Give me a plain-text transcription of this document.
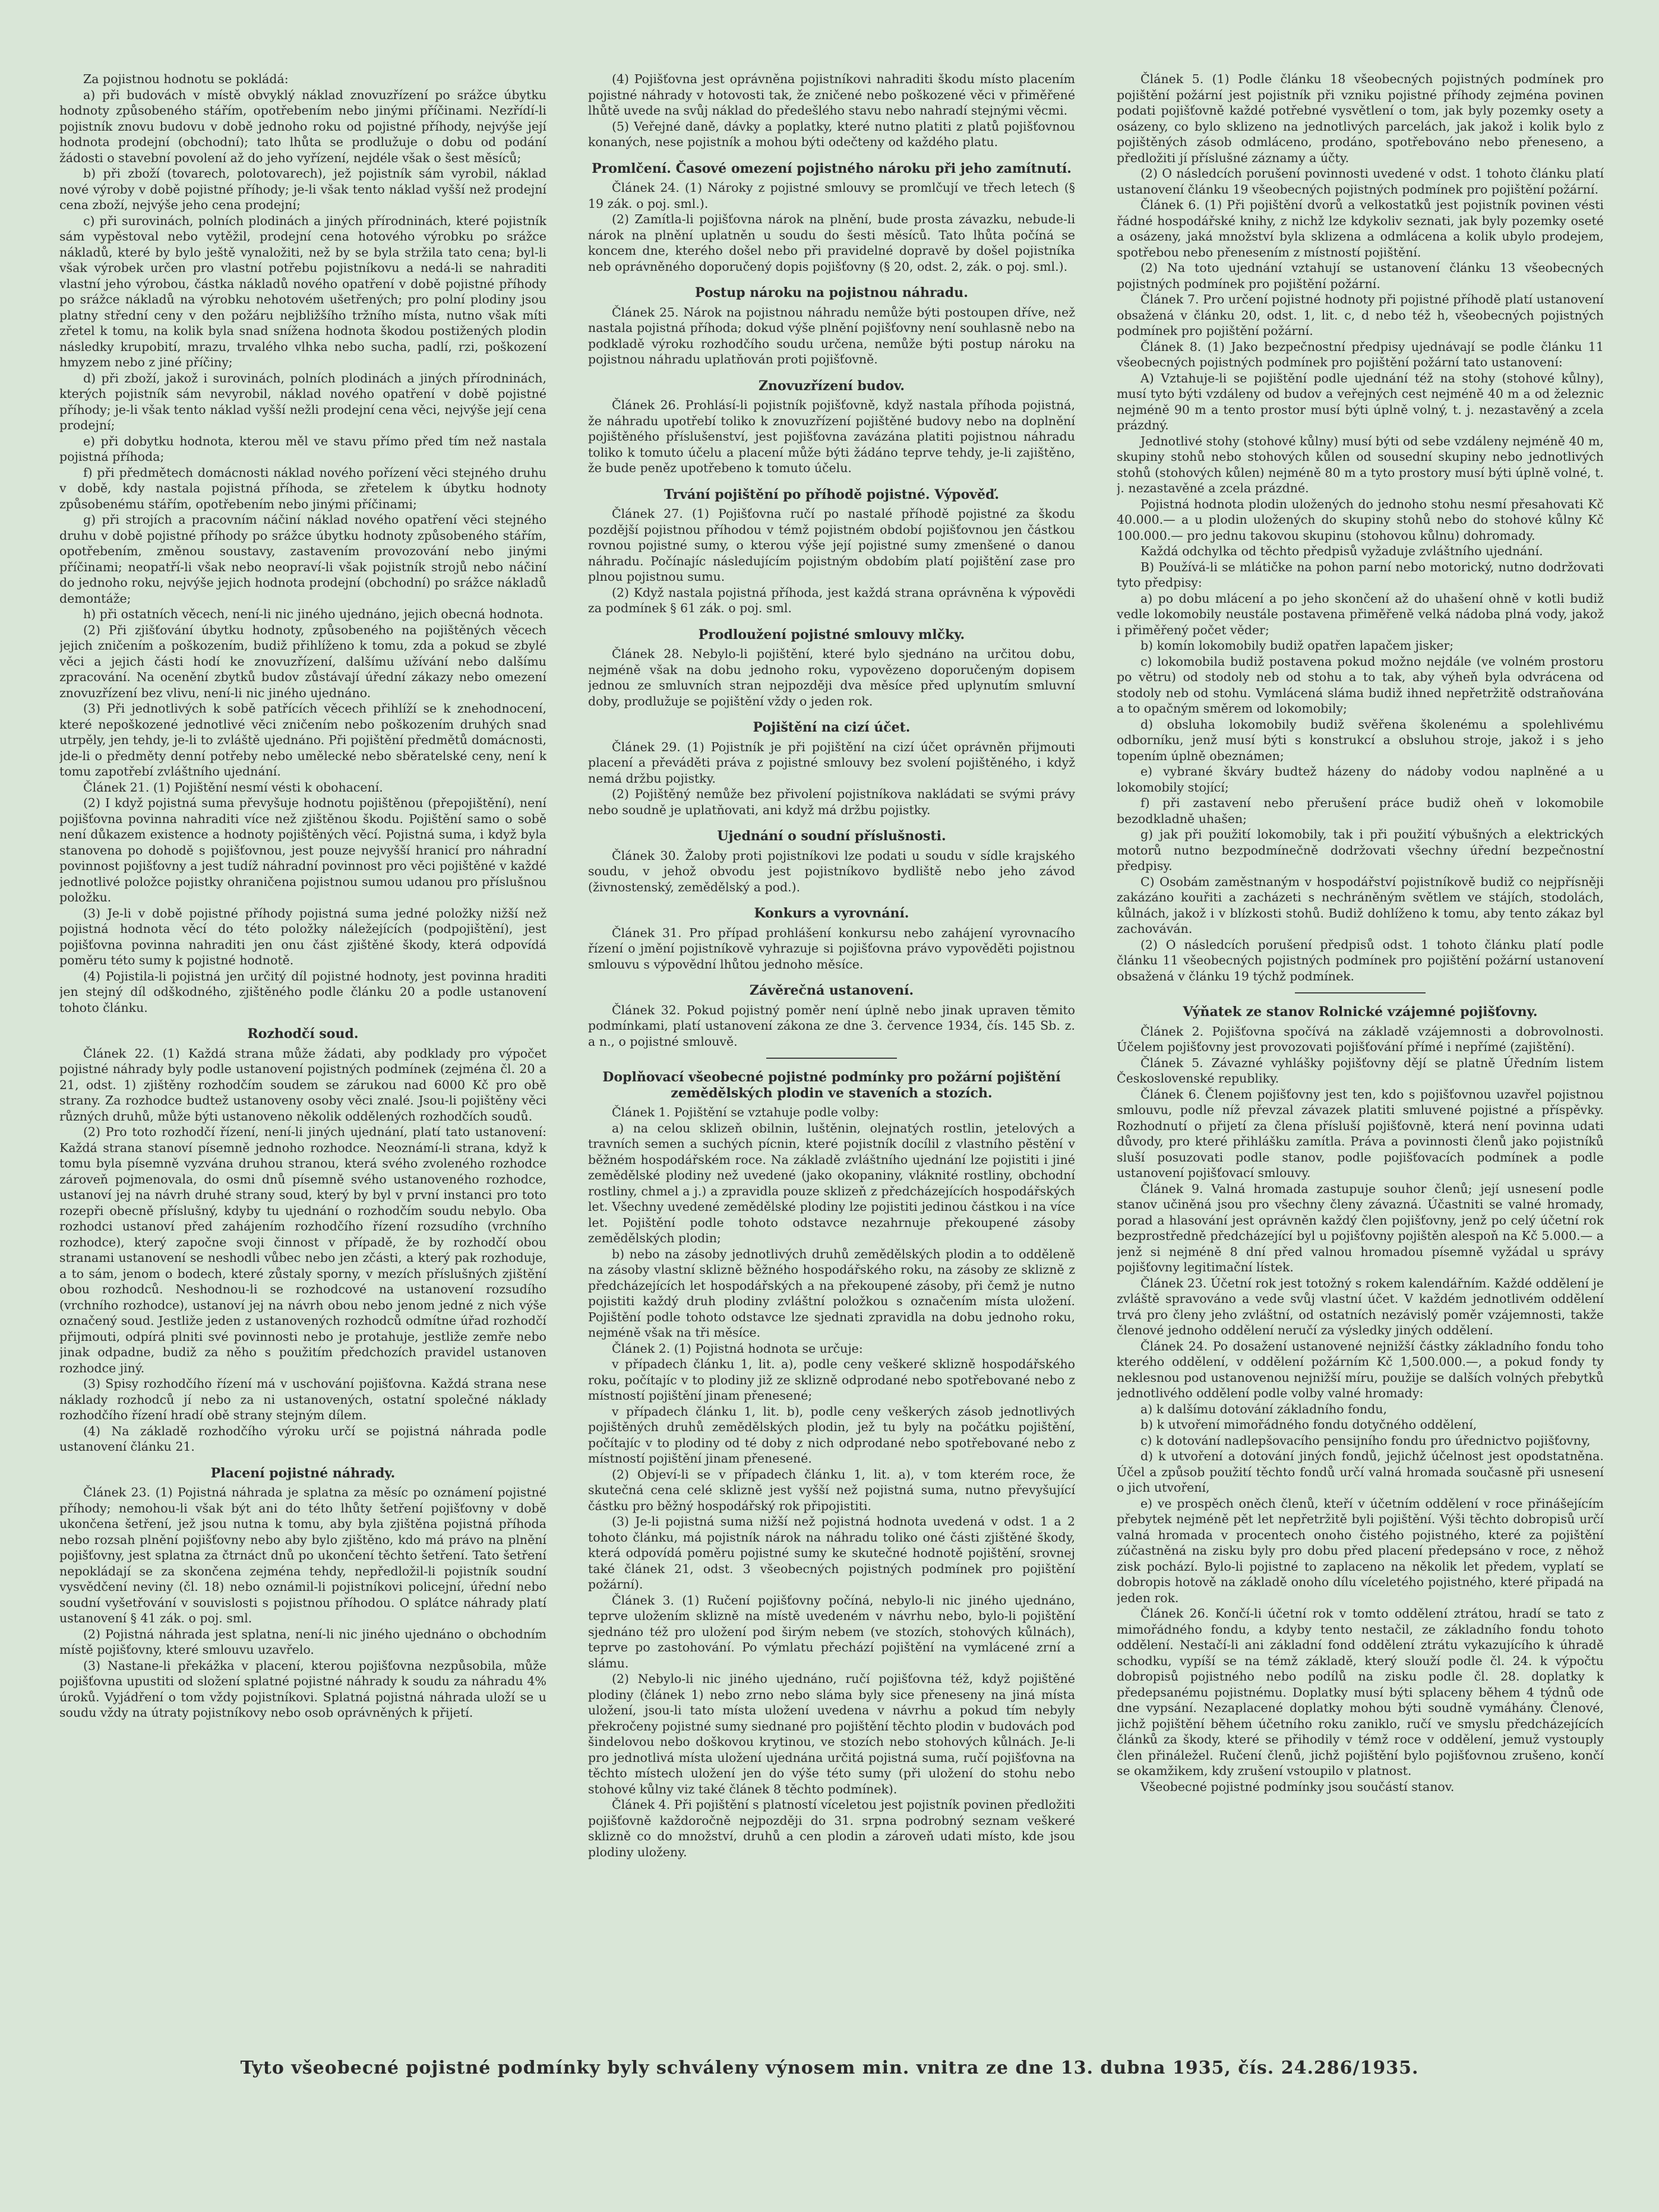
Za pojistnou hodnotu se pokládá:

a) při budovách v místě obvyklý náklad znovuzřízení po srážce úbytku hodnoty způsobeného stářím, opotřebením nebo jinými příčinami. Nezřídí-li pojistník znovu budovu v době jednoho roku od pojistné příhody, nejvýše její hodnota prodejní (obchodní); tato lhůta se prodlužuje o dobu od podání žádosti o stavební povolení až do jeho vyřízení, nejdéle však o šest měsíců;

b) při zboží (tovarech, polotovarech), jež pojistník sám vyrobil, náklad nové výroby v době pojistné příhody; je-li však tento náklad vyšší než prodejní cena zboží, nejvýše jeho cena prodejní;

c) při surovinách, polních plodinách a jiných přírodninách, které pojistník sám vypěstoval nebo vytěžil, prodejní cena hotového výrobku po srážce nákladů, které by bylo ještě vynaložiti, než by se byla stržila tato cena; byl-li však výrobek určen pro vlastní potřebu pojistníkovu a nedá-li se nahraditi vlastní jeho výrobou, částka nákladů nového opatření v době pojistné příhody po srážce nákladů na výrobku nehotovém ušetřených; pro polní plodiny jsou platny střední ceny v den požáru nejbližšího tržního místa, nutno však míti zřetel k tomu, na kolik byla snad snížena hodnota škodou postižených plodin následky krupobití, mrazu, trvalého vlhka nebo sucha, padlí, rzi, poškození hmyzem nebo z jiné příčiny;

d) při zboží, jakož i surovinách, polních plodinách a jiných přírodninách, kterých pojistník sám nevyrobil, náklad nového opatření v době pojistné příhody; je-li však tento náklad vyšší nežli prodejní cena věci, nejvýše její cena prodejní;

e) při dobytku hodnota, kterou měl ve stavu přímo před tím než nastala pojistná příhoda;

f) při předmětech domácnosti náklad nového pořízení věci stejného druhu v době, kdy nastala pojistná příhoda, se zřetelem k úbytku hodnoty způsobenému stářím, opotřebením nebo jinými příčinami;

g) při strojích a pracovním náčiní náklad nového opatření věci stejného druhu v době pojistné příhody po srážce úbytku hodnoty způsobeného stářím, opotřebením, změnou soustavy, zastavením provozování nebo jinými příčinami; neopatří-li však nebo neopraví-li však pojistník strojů nebo náčiní do jednoho roku, nejvýše jejich hodnota prodejní (obchodní) po srážce nákladů demontáže;

h) při ostatních věcech, není-li nic jiného ujednáno, jejich obecná hodnota.

(2) Při zjišťování úbytku hodnoty, způsobeného na pojištěných věcech jejich zničením a poškozením, budiž přihlíženo k tomu, zda a pokud se zbylé věci a jejich části hodí ke znovuzřízení, dalšímu užívání nebo dalšímu zpracování. Na ocenění zbytků budov zůstávají úřední zákazy nebo omezení znovuzřízení bez vlivu, není-li nic jiného ujednáno.

(3) Při jednotlivých k sobě patřících věcech přihlíží se k znehodnocení, které nepoškozené jednotlivé věci zničením nebo poškozením druhých snad utrpěly, jen tehdy, je-li to zvláště ujednáno. Při pojištění předmětů domácnosti, jde-li o předměty denní potřeby nebo umělecké nebo sběratelské ceny, není k tomu zapotřebí zvláštního ujednání.

Článek 21. (1) Pojištění nesmí vésti k obohacení.

(2) I když pojistná suma převyšuje hodnotu pojištěnou (přepojištění), není pojišťovna povinna nahraditi více než zjištěnou škodu. Pojištění samo o sobě není důkazem existence a hodnoty pojištěných věcí. Pojistná suma, i když byla stanovena po dohodě s pojišťovnou, jest pouze nejvyšší hranicí pro náhradní povinnost pojišťovny a jest tudíž náhradní povinnost pro věci pojištěné v každé jednotlivé položce pojistky ohraničena pojistnou sumou udanou pro příslušnou položku.

(3) Je-li v době pojistné příhody pojistná suma jedné položky nižší než pojistná hodnota věcí do této položky náležejících (podpojištění), jest pojišťovna povinna nahraditi jen onu část zjištěné škody, která odpovídá poměru této sumy k pojistné hodnotě.

(4) Pojistila-li pojistná jen určitý díl pojistné hodnoty, jest povinna hraditi jen stejný díl odškodného, zjištěného podle článku 20 a podle ustanovení tohoto článku.

Rozhodčí soud.

Článek 22. (1) Každá strana může žádati, aby podklady pro výpočet pojistné náhrady byly podle ustanovení pojistných podmínek (zejména čl. 20 a 21, odst. 1) zjištěny rozhodčím soudem se zárukou nad 6000 Kč pro obě strany. Za rozhodce budtež ustanoveny osoby věci znalé. Jsou-li pojištěny věci různých druhů, může býti ustanoveno několik oddělených rozhodčích soudů.

(2) Pro toto rozhodčí řízení, není-li jiných ujednání, platí tato ustanovení: Každá strana stanoví písemně jednoho rozhodce. Neoznámí-li strana, když k tomu byla písemně vyzvána druhou stranou, která svého zvoleného rozhodce zároveň pojmenovala, do osmi dnů písemně svého ustanoveného rozhodce, ustanoví jej na návrh druhé strany soud, který by byl v první instanci pro toto rozepři obecně příslušný, kdyby tu ujednání o rozhodčím soudu nebylo. Oba rozhodci ustanoví před zahájením rozhodčího řízení rozsudího (vrchního rozhodce), který započne svoji činnost v případě, že by rozhodčí obou stranami ustanovení se neshodli vůbec nebo jen zčásti, a který pak rozhoduje, a to sám, jenom o bodech, které zůstaly sporny, v mezích příslušných zjištění obou rozhodců. Neshodnou-li se rozhodcové na ustanovení rozsudího (vrchního rozhodce), ustanoví jej na návrh obou nebo jenom jedné z nich výše označený soud. Jestliže jeden z ustanovených rozhodců odmítne úřad rozhodčí přijmouti, odpírá plniti své povinnosti nebo je protahuje, jestliže zemře nebo jinak odpadne, budiž za něho s použitím předchozích pravidel ustanoven rozhodce jiný.

(3) Spisy rozhodčího řízení má v uschování pojišťovna. Každá strana nese náklady rozhodců jí nebo za ni ustanovených, ostatní společné náklady rozhodčího řízení hradí obě strany stejným dílem.

(4) Na základě rozhodčího výroku určí se pojistná náhrada podle ustanovení článku 21.

Placení pojistné náhrady.

Článek 23. (1) Pojistná náhrada je splatna za měsíc po oznámení pojistné příhody; nemohou-li však být ani do této lhůty šetření pojišťovny v době ukončena šetření, jež jsou nutna k tomu, aby byla zjištěna pojistná příhoda nebo rozsah plnění pojišťovny nebo aby bylo zjištěno, kdo má právo na plnění pojišťovny, jest splatna za čtrnáct dnů po ukončení těchto šetření. Tato šetření nepokládají se za skončena zejména tehdy, nepředložil-li pojistník soudní vysvědčení neviny (čl. 18) nebo oznámil-li pojistníkovi policejní, úřední nebo soudní vyšetřování v souvislosti s pojistnou příhodou. O splátce náhrady platí ustanovení § 41 zák. o poj. sml.

(2) Pojistná náhrada jest splatna, není-li nic jiného ujednáno o obchodním místě pojišťovny, které smlouvu uzavřelo.

(3) Nastane-li překážka v placení, kterou pojišťovna nezpůsobila, může pojišťovna upustiti od složení splatné pojistné náhrady k soudu za náhradu 4% úroků. Vyjádření o tom vždy pojistníkovi. Splatná pojistná náhrada uloží se u soudu vždy na útraty pojistníkovy nebo osob oprávněných k přijetí.

(4) Pojišťovna jest oprávněna pojistníkovi nahraditi škodu místo placením pojistné náhrady v hotovosti tak, že zničené nebo poškozené věci v přiměřené lhůtě uvede na svůj náklad do předešlého stavu nebo nahradí stejnými věcmi.

(5) Veřejné daně, dávky a poplatky, které nutno platiti z platů pojišťovnou konaných, nese pojistník a mohou býti odečteny od každého platu.

Promlčení. Časové omezení pojistného nároku při jeho zamítnutí.

Článek 24. (1) Nároky z pojistné smlouvy se promlčují ve třech letech (§ 19 zák. o poj. sml.).

(2) Zamítla-li pojišťovna nárok na plnění, bude prosta závazku, nebude-li nárok na plnění uplatněn u soudu do šesti měsíců. Tato lhůta počíná se koncem dne, kterého došel nebo při pravidelné dopravě by došel pojistníka neb oprávněného doporučený dopis pojišťovny (§ 20, odst. 2, zák. o poj. sml.).

Postup nároku na pojistnou náhradu.

Článek 25. Nárok na pojistnou náhradu nemůže býti postoupen dříve, než nastala pojistná příhoda; dokud výše plnění pojišťovny není souhlasně nebo na podkladě výroku rozhodčího soudu určena, nemůže býti postup nároku na pojistnou náhradu uplatňován proti pojišťovně.

Znovuzřízení budov.

Článek 26. Prohlásí-li pojistník pojišťovně, když nastala příhoda pojistná, že náhradu upotřebí toliko k znovuzřízení pojištěné budovy nebo na doplnění pojištěného příslušenství, jest pojišťovna zavázána platiti pojistnou náhradu toliko k tomuto účelu a placení může býti žádáno teprve tehdy, je-li zajištěno, že bude peněz upotřebeno k tomuto účelu.

Trvání pojištění po příhodě pojistné. Výpověď.

Článek 27. (1) Pojišťovna ručí po nastalé příhodě pojistné za škodu pozdější pojistnou příhodou v témž pojistném období pojišťovnou jen částkou rovnou pojistné sumy, o kterou výše její pojistné sumy zmenšené o danou náhradu. Počínajíc následujícím pojistným obdobím platí pojištění zase pro plnou pojistnou sumu.

(2) Když nastala pojistná příhoda, jest každá strana oprávněna k výpovědi za podmínek § 61 zák. o poj. sml.

Prodloužení pojistné smlouvy mlčky.

Článek 28. Nebylo-li pojištění, které bylo sjednáno na určitou dobu, nejméně však na dobu jednoho roku, vypovězeno doporučeným dopisem jednou ze smluvních stran nejpozději dva měsíce před uplynutím smluvní doby, prodlužuje se pojištění vždy o jeden rok.

Pojištění na cizí účet.

Článek 29. (1) Pojistník je při pojištění na cizí účet oprávněn přijmouti placení a převáděti práva z pojistné smlouvy bez svolení pojištěného, i když nemá držbu pojistky.

(2) Pojištěný nemůže bez přivolení pojistníkova nakládati se svými právy nebo soudně je uplatňovati, ani když má držbu pojistky.

Ujednání o soudní příslušnosti.

Článek 30. Žaloby proti pojistníkovi lze podati u soudu v sídle krajského soudu, v jehož obvodu jest pojistníkovo bydliště nebo jeho závod (živnostenský, zemědělský a pod.).

Konkurs a vyrovnání.

Článek 31. Pro případ prohlášení konkursu nebo zahájení vyrovnacího řízení o jmění pojistníkově vyhrazuje si pojišťovna právo vypověděti pojistnou smlouvu s výpovědní lhůtou jednoho měsíce.

Závěrečná ustanovení.

Článek 32. Pokud pojistný poměr není úplně nebo jinak upraven těmito podmínkami, platí ustanovení zákona ze dne 3. července 1934, čís. 145 Sb. z. a n., o pojistné smlouvě.

Doplňovací všeobecné pojistné podmínky pro požární pojištění zemědělských plodin ve staveních a stozích.

Článek 1. Pojištění se vztahuje podle volby:

a) na celou sklizeň obilnin, luštěnin, olejnatých rostlin, jetelových a travních semen a suchých pícnin, které pojistník docílil z vlastního pěstění v běžném hospodářském roce. Na základě zvláštního ujednání lze pojistiti i jiné zemědělské plodiny než uvedené (jako okopaniny, vláknité rostliny, obchodní rostliny, chmel a j.) a zpravidla pouze sklizeň z předcházejících hospodářských let. Všechny uvedené zemědělské plodiny lze pojistiti jedinou částkou i na více let. Pojištění podle tohoto odstavce nezahrnuje překoupené zásoby zemědělských plodin;

b) nebo na zásoby jednotlivých druhů zemědělských plodin a to odděleně na zásoby vlastní sklizně běžného hospodářského roku, na zásoby ze sklizně z předcházejících let hospodářských a na překoupené zásoby, při čemž je nutno pojistiti každý druh plodiny zvláštní položkou s označením místa uložení. Pojištění podle tohoto odstavce lze sjednati zpravidla na dobu jednoho roku, nejméně však na tři měsíce.

Článek 2. (1) Pojistná hodnota se určuje:

v případech článku 1, lit. a), podle ceny veškeré sklizně hospodářského roku, počítajíc v to plodiny již ze sklizně odprodané nebo spotřebované nebo z místností pojištění jinam přenesené;

v případech článku 1, lit. b), podle ceny veškerých zásob jednotlivých pojištěných druhů zemědělských plodin, jež tu byly na počátku pojištění, počítajíc v to plodiny od té doby z nich odprodané nebo spotřebované nebo z místností pojištění jinam přenesené.

(2) Objeví-li se v případech článku 1, lit. a), v tom kterém roce, že skutečná cena celé sklizně jest vyšší než pojistná suma, nutno převyšující částku pro běžný hospodářský rok připojistiti.

(3) Je-li pojistná suma nižší než pojistná hodnota uvedená v odst. 1 a 2 tohoto článku, má pojistník nárok na náhradu toliko oné části zjištěné škody, která odpovídá poměru pojistné sumy ke skutečné hodnotě pojištění, srovnej také článek 21, odst. 3 všeobecných pojistných podmínek pro pojištění požární).

Článek 3. (1) Ručení pojišťovny počíná, nebylo-li nic jiného ujednáno, teprve uložením sklizně na místě uvedeném v návrhu nebo, bylo-li pojištění sjednáno též pro uložení pod širým nebem (ve stozích, stohových kůlnách), teprve po zastohování. Po výmlatu přechází pojištění na vymlácené zrní a slámu.

(2) Nebylo-li nic jiného ujednáno, ručí pojišťovna též, když pojištěné plodiny (článek 1) nebo zrno nebo sláma byly sice přeneseny na jiná místa uložení, jsou-li tato místa uložení uvedena v návrhu a pokud tím nebyly překročeny pojistné sumy siednané pro pojištění těchto plodin v budovách pod šindelovou nebo doškovou krytinou, ve stozích nebo stohových kůlnách. Je-li pro jednotlivá místa uložení ujednána určitá pojistná suma, ručí pojišťovna na těchto místech uložení jen do výše této sumy (při uložení do stohu nebo stohové kůlny viz také článek 8 těchto podmínek).

Článek 4. Při pojištění s platností víceletou jest pojistník povinen předložiti pojišťovně každoročně nejpozději do 31. srpna podrobný seznam veškeré sklizně co do množství, druhů a cen plodin a zároveň udati místo, kde jsou plodiny uloženy.

Článek 5. (1) Podle článku 18 všeobecných pojistných podmínek pro pojištění požární jest pojistník při vzniku pojistné příhody zejména povinen podati pojišťovně každé potřebné vysvětlení o tom, jak byly pozemky osety a osázeny, co bylo sklizeno na jednotlivých parcelách, jak jakož i kolik bylo z pojištěných zásob odmláceno, prodáno, spotřebováno nebo přeneseno, a předložiti jí příslušné záznamy a účty.

(2) O následcích porušení povinnosti uvedené v odst. 1 tohoto článku platí ustanovení článku 19 všeobecných pojistných podmínek pro pojištění požární.

Článek 6. (1) Při pojištění dvorů a velkostatků jest pojistník povinen vésti řádné hospodářské knihy, z nichž lze kdykoliv seznati, jak byly pozemky oseté a osázeny, jaká množství byla sklizena a odmlácena a kolik ubylo prodejem, spotřebou nebo přenesením z místností pojištění.

(2) Na toto ujednání vztahují se ustanovení článku 13 všeobecných pojistných podmínek pro pojištění požární.

Článek 7. Pro určení pojistné hodnoty při pojistné příhodě platí ustanovení obsažená v článku 20, odst. 1, lit. c, d nebo též h, všeobecných pojistných podmínek pro pojištění požární.

Článek 8. (1) Jako bezpečnostní předpisy ujednávají se podle článku 11 všeobecných pojistných podmínek pro pojištění požární tato ustanovení:

A) Vztahuje-li se pojištění podle ujednání též na stohy (stohové kůlny), musí tyto býti vzdáleny od budov a veřejných cest nejméně 40 m a od železnic nejméně 90 m a tento prostor musí býti úplně volný, t. j. nezastavěný a zcela prázdný.

Jednotlivé stohy (stohové kůlny) musí býti od sebe vzdáleny nejméně 40 m, skupiny stohů nebo stohových kůlen od sousední skupiny nebo jednotlivých stohů (stohových kůlen) nejméně 80 m a tyto prostory musí býti úplně volné, t. j. nezastavěné a zcela prázdné.

Pojistná hodnota plodin uložených do jednoho stohu nesmí přesahovati Kč 40.000.— a u plodin uložených do skupiny stohů nebo do stohové kůlny Kč 100.000.— pro jednu takovou skupinu (stohovou kůlnu) dohromady.

Každá odchylka od těchto předpisů vyžaduje zvláštního ujednání.

B) Používá-li se mlátičke na pohon parní nebo motorický, nutno dodržovati tyto předpisy:

a) po dobu mlácení a po jeho skončení až do uhašení ohně v kotli budiž vedle lokomobily neustále postavena přiměřeně velká nádoba plná vody, jakož i přiměřený počet věder;

b) komín lokomobily budiž opatřen lapačem jisker;

c) lokomobila budiž postavena pokud možno nejdále (ve volném prostoru po větru) od stodoly neb od stohu a to tak, aby výheň byla odvrácena od stodoly neb od stohu. Vymlácená sláma budiž ihned nepřetržitě odstraňována a to opačným směrem od lokomobily;

d) obsluha lokomobily budiž svěřena školenému a spolehlivému odborníku, jenž musí býti s konstrukcí a obsluhou stroje, jakož i s jeho topením úplně obeznámen;

e) vybrané škváry budtež házeny do nádoby vodou naplněné a u lokomobily stojící;

f) při zastavení nebo přerušení práce budiž oheň v lokomobile bezodkladně uhašen;

g) jak při použití lokomobily, tak i při použití výbušných a elektrických motorů nutno bezpodmínečně dodržovati všechny úřední bezpečnostní předpisy.

C) Osobám zaměstnaným v hospodářství pojistníkově budiž co nejpřísněji zakázáno kouřiti a zacházeti s nechráněným světlem ve stájích, stodolách, kůlnách, jakož i v blízkosti stohů. Budiž dohlíženo k tomu, aby tento zákaz byl zachováván.

(2) O následcích porušení předpisů odst. 1 tohoto článku platí podle článku 11 všeobecných pojistných podmínek pro pojištění požární ustanovení obsažená v článku 19 týchž podmínek.

Výňatek ze stanov Rolnické vzájemné pojišťovny.

Článek 2. Pojišťovna spočívá na základě vzájemnosti a dobrovolnosti. Účelem pojišťovny jest provozovati pojišťování přímé i nepřímé (zajištění).

Článek 5. Závazné vyhlášky pojišťovny dějí se platně Úředním listem Československé republiky.

Článek 6. Členem pojišťovny jest ten, kdo s pojišťovnou uzavřel pojistnou smlouvu, podle níž převzal závazek platiti smluvené pojistné a příspěvky. Rozhodnutí o přijetí za člena přísluší pojišťovně, která není povinna udati důvody, pro které přihlášku zamítla. Práva a povinnosti členů jako pojistníků sluší posuzovati podle stanov, podle pojišťovacích podmínek a podle ustanovení pojišťovací smlouvy.

Článek 9. Valná hromada zastupuje souhor členů; její usnesení podle stanov učiněná jsou pro všechny členy závazná. Účastniti se valné hromady, porad a hlasování jest oprávněn každý člen pojišťovny, jenž po celý účetní rok bezprostředně předcházející byl u pojišťovny pojištěn alespoň na Kč 5.000.— a jenž si nejméně 8 dní před valnou hromadou písemně vyžádal u správy pojišťovny legitimační lístek.

Článek 23. Účetní rok jest totožný s rokem kalendářním. Každé oddělení je zvláště spravováno a vede svůj vlastní účet. V každém jednotlivém oddělení trvá pro členy jeho zvláštní, od ostatních nezávislý poměr vzájemnosti, takže členové jednoho oddělení neručí za výsledky jiných oddělení.

Článek 24. Po dosažení ustanovené nejnižší částky základního fondu toho kterého oddělení, v oddělení požárním Kč 1,500.000.—, a pokud fondy ty neklesnou pod ustanovenou nejnižší míru, použije se dalších volných přebytků jednotlivého oddělení podle volby valné hromady:

a) k dalšímu dotování základního fondu,

b) k utvoření mimořádného fondu dotyčného oddělení,

c) k dotování nadlepšovacího pensijního fondu pro úřednictvo pojišťovny,

d) k utvoření a dotování jiných fondů, jejichž účelnost jest opodstatněna. Účel a způsob použití těchto fondů určí valná hromada současně při usnesení o jich utvoření,

e) ve prospěch oněch členů, kteří v účetním oddělení v roce přinášejícím přebytek nejméně pět let nepřetržitě byli pojištění. Výši těchto dobropisů určí valná hromada v procentech onoho čistého pojistného, které za pojištění zúčastněná na zisku byly pro dobu před placení předepsáno v roce, z něhož zisk pochází. Bylo-li pojistné to zaplaceno na několik let předem, vyplatí se dobropis hotově na základě onoho dílu víceletého pojistného, které připadá na jeden rok.

Článek 26. Končí-li účetní rok v tomto oddělení ztrátou, hradí se tato z mimořádného fondu, a kdyby tento nestačil, ze základního fondu tohoto oddělení. Nestačí-li ani základní fond oddělení ztrátu vykazujícího k úhradě schodku, vypíší se na témž základě, který slouží podle čl. 24. k výpočtu dobropisů pojistného nebo podílů na zisku podle čl. 28. doplatky k předepsanému pojistnému. Doplatky musí býti splaceny během 4 týdnů ode dne vypsání. Nezaplacené doplatky mohou býti soudně vymáhány. Členové, jichž pojištění během účetního roku zaniklo, ručí ve smyslu předcházejících článků za škody, které se přihodily v témž roce v oddělení, jemuž vystouply člen přináležel. Ručení členů, jichž pojištění bylo pojišťovnou zrušeno, končí se okamžikem, kdy zrušení vstoupilo v platnost.

Všeobecné pojistné podmínky jsou součástí stanov.

Tyto všeobecné pojistné podmínky byly schváleny výnosem min. vnitra ze dne 13. dubna 1935, čís. 24.286/1935.
